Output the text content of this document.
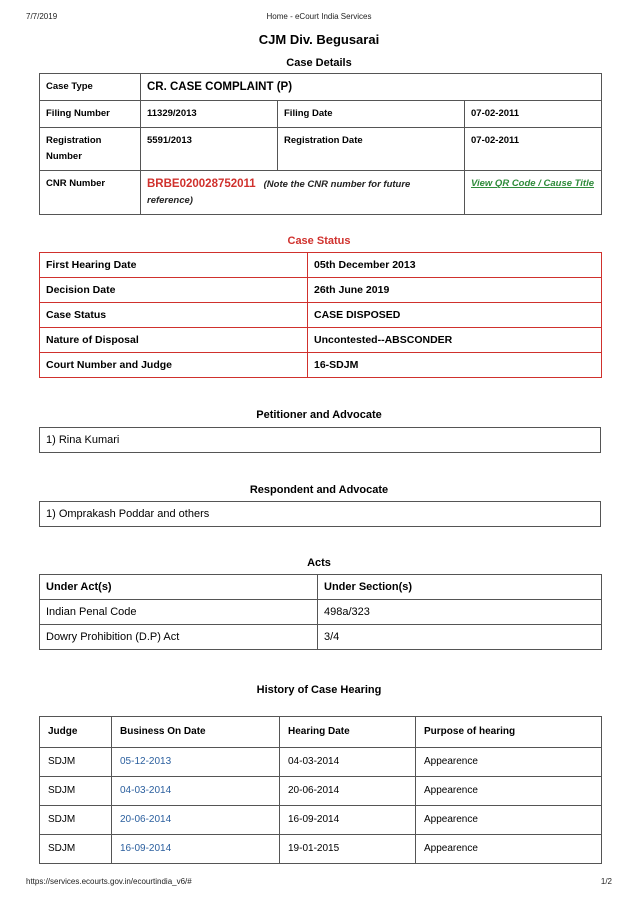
7/7/2019	Home - eCourt India Services
CJM Div. Begusarai
Case Details
Case Type	CR. CASE COMPLAINT (P)		
Filing Number	11329/2013	Filing Date	07-02-2011
Registration Number	5591/2013	Registration Date	07-02-2011
CNR Number	BRBE020028752011 (Note the CNR number for future reference)		View QR Code / Cause Title
Case Status
First Hearing Date	05th December 2013
Decision Date	26th June 2019
Case Status	CASE DISPOSED
Nature of Disposal	Uncontested--ABSCONDER
Court Number and Judge	16-SDJM
Petitioner and Advocate
1) Rina Kumari
Respondent and Advocate
1) Omprakash Poddar and others
Acts
Under Act(s)	Under Section(s)
Indian Penal Code	498a/323
Dowry Prohibition (D.P) Act	3/4
History of Case Hearing
Judge	Business On Date	Hearing Date	Purpose of hearing
SDJM	05-12-2013	04-03-2014	Appearence
SDJM	04-03-2014	20-06-2014	Appearence
SDJM	20-06-2014	16-09-2014	Appearence
SDJM	16-09-2014	19-01-2015	Appearence
https://services.ecourts.gov.in/ecourtindia_v6/#	1/2
